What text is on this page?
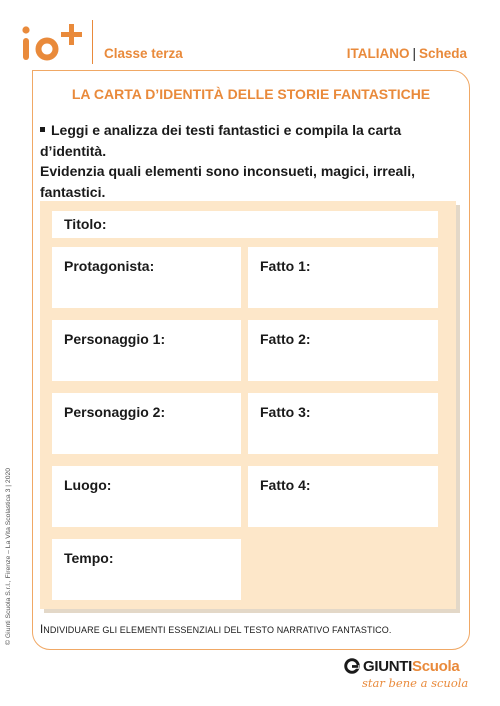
Classe terza	ITALIANO | Scheda
LA CARTA D’IDENTITÀ DELLE STORIE FANTASTICHE

Leggi e analizza dei testi fantastici e compila la carta d’identità.

Evidenzia quali elementi sono inconsueti, magici, irreali, fantastici.

Titolo:
Protagonista:	Fatto 1:
Personaggio 1:	Fatto 2:
Personaggio 2:	Fatto 3:
Luogo:	Fatto 4:
Tempo:
INDIVIDUARE GLI ELEMENTI ESSENZIALI DEL TESTO NARRATIVO FANTASTICO.
© Giunti Scuola S.r.l., Firenze – La Vita Scolastica 3 | 2020
GIUNTI Scuola
star bene a scuola
